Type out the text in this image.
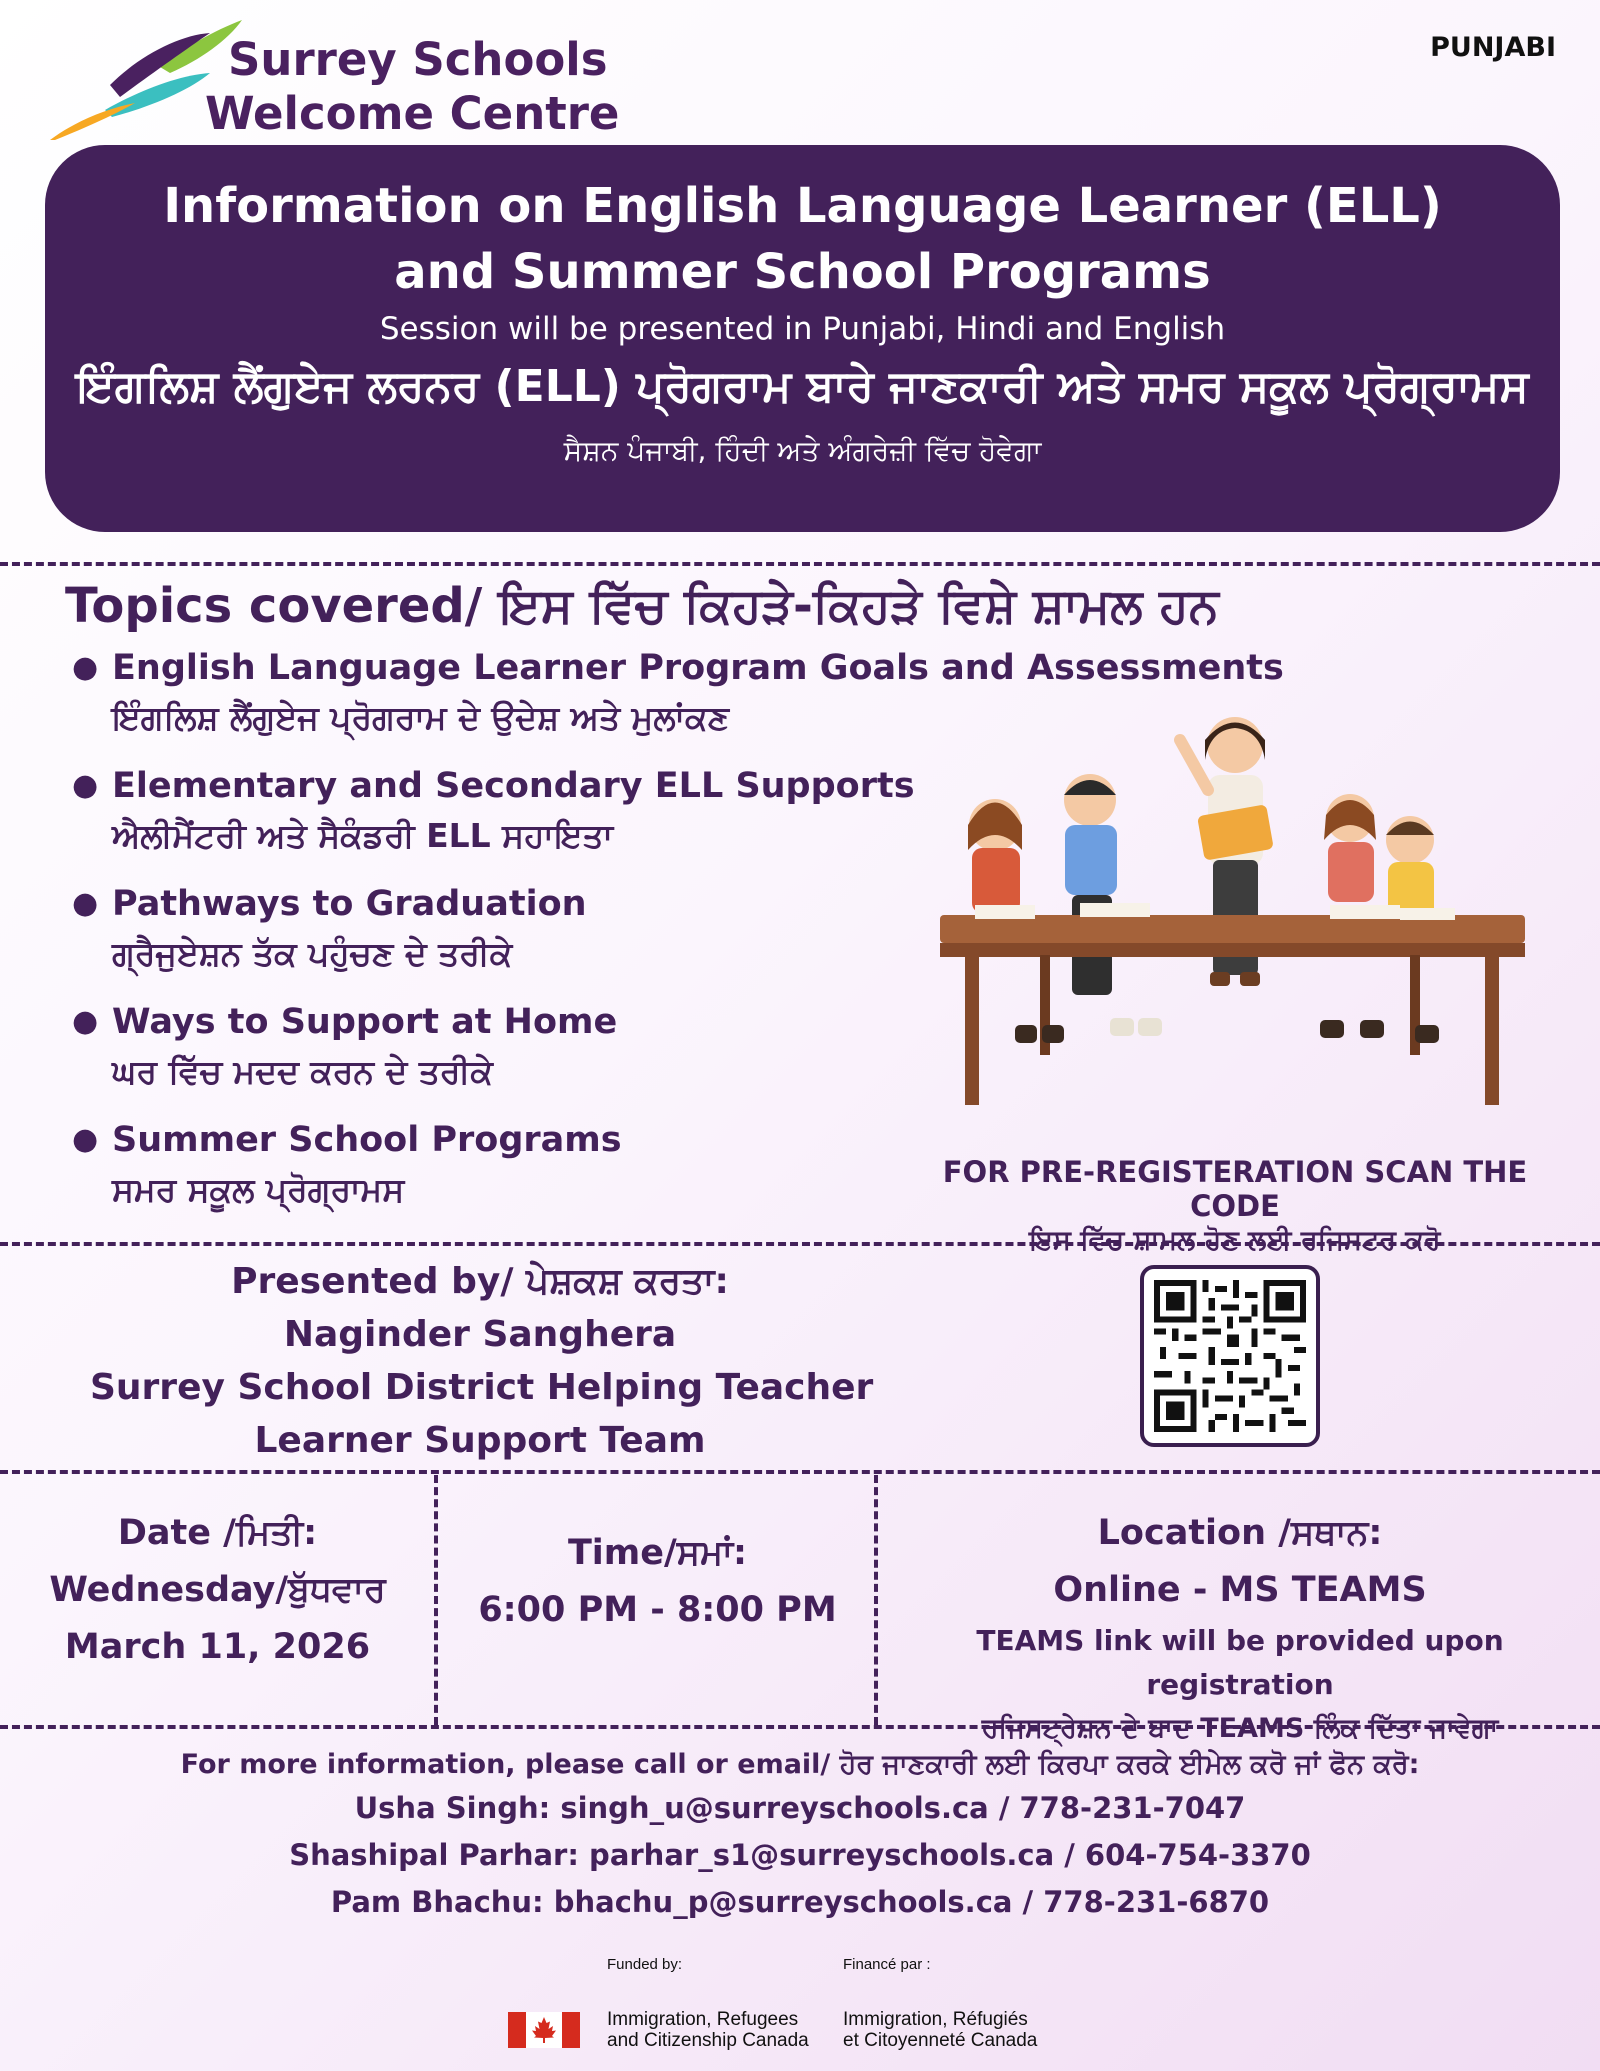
Surrey Schools
Welcome Centre
PUNJABI
Information on English Language Learner (ELL)
and Summer School Programs
Session will be presented in Punjabi, Hindi and English
ਇੰਗਲਿਸ਼ ਲੈਂਗੁਏਜ ਲਰਨਰ (ELL) ਪ੍ਰੋਗਰਾਮ ਬਾਰੇ ਜਾਣਕਾਰੀ ਅਤੇ ਸਮਰ ਸਕੂਲ ਪ੍ਰੋਗ੍ਰਾਮਸ
ਸੈਸ਼ਨ ਪੰਜਾਬੀ, ਹਿੰਦੀ ਅਤੇ ਅੰਗਰੇਜ਼ੀ ਵਿੱਚ ਹੋਵੇਗਾ
Topics covered/ ਇਸ ਵਿੱਚ ਕਿਹੜੇ-ਕਿਹੜੇ ਵਿਸ਼ੇ ਸ਼ਾਮਲ ਹਨ
● English Language Learner Program Goals and Assessments
ਇੰਗਲਿਸ਼ ਲੈਂਗੁਏਜ ਪ੍ਰੋਗਰਾਮ ਦੇ ਉਦੇਸ਼ ਅਤੇ ਮੁਲਾਂਕਣ
● Elementary and Secondary ELL Supports
ਐਲੀਮੈਂਟਰੀ ਅਤੇ ਸੈਕੰਡਰੀ ELL ਸਹਾਇਤਾ
● Pathways to Graduation
ਗ੍ਰੈਜੁਏਸ਼ਨ ਤੱਕ ਪਹੁੰਚਣ ਦੇ ਤਰੀਕੇ
● Ways to Support at Home
ਘਰ ਵਿੱਚ ਮਦਦ ਕਰਨ ਦੇ ਤਰੀਕੇ
● Summer School Programs
ਸਮਰ ਸਕੂਲ ਪ੍ਰੋਗ੍ਰਾਮਸ	FOR PRE-REGISTERATION SCAN THE CODE
ਇਸ ਵਿੱਚ ਸ਼ਾਮਲ ਹੋਣ ਲਈ ਰਜਿਸਟਰ ਕਰੋ
Presented by/ ਪੇਸ਼ਕਸ਼ ਕਰਤਾ:
Naginder Sanghera
Surrey School District Helping Teacher
Learner Support Team
Date /ਮਿਤੀ:
Wednesday/ਬੁੱਧਵਾਰ
March 11, 2026
Time/ਸਮਾਂ:
6:00 PM - 8:00 PM
Location /ਸਥਾਨ:
Online - MS TEAMS
TEAMS link will be provided upon registration
ਰਜਿਸਟ੍ਰੇਸ਼ਨ ਦੇ ਬਾਦ TEAMS ਲਿੰਕ ਦਿੱਤਾ ਜਾਵੇਗਾ
For more information, please call or email/ ਹੋਰ ਜਾਣਕਾਰੀ ਲਈ ਕਿਰਪਾ ਕਰਕੇ ਈਮੇਲ ਕਰੋ ਜਾਂ ਫੋਨ ਕਰੋ:
Usha Singh: singh_u@surreyschools.ca / 778-231-7047
Shashipal Parhar: parhar_s1@surreyschools.ca / 604-754-3370
Pam Bhachu: bhachu_p@surreyschools.ca / 778-231-6870
Funded by:	Financé par :
Immigration, Refugees
and Citizenship Canada
Immigration, Réfugiés
et Citoyenneté Canada
